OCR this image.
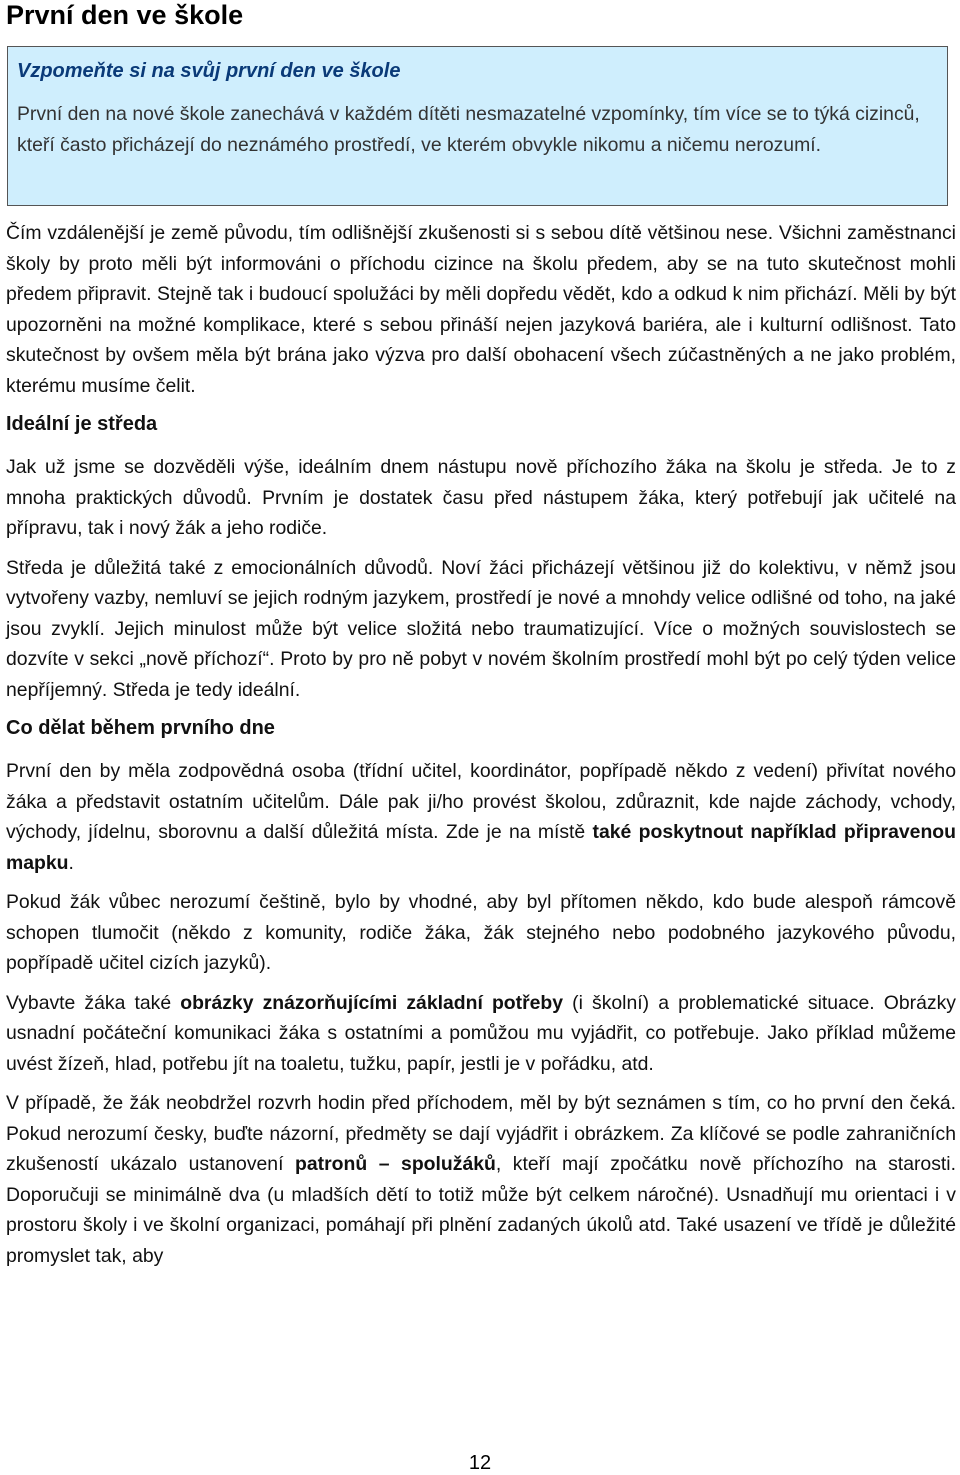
První den ve škole
Vzpomeňte si na svůj první den ve škole
První den na nové škole zanechává v každém dítěti nesmazatelné vzpomínky, tím více se to týká cizinců, kteří často přicházejí do neznámého prostředí, ve kterém obvykle nikomu a ničemu nerozumí.

Čím vzdálenější je země původu, tím odlišnější zkušenosti si s sebou dítě většinou nese. Všichni zaměstnanci školy by proto měli být informováni o příchodu cizince na školu předem, aby se na tuto skutečnost mohli předem připravit. Stejně tak i budoucí spolužáci by měli dopředu vědět, kdo a odkud k nim přichází. Měli by být upozorněni na možné komplikace, které s sebou přináší nejen jazyková bariéra, ale i kulturní odlišnost. Tato skutečnost by ovšem měla být brána jako výzva pro další obohacení všech zúčastněných a ne jako problém, kterému musíme čelit.

Ideální je středa

Jak už jsme se dozvěděli výše, ideálním dnem nástupu nově příchozího žáka na školu je středa. Je to z mnoha praktických důvodů. Prvním je dostatek času před nástupem žáka, který potřebují jak učitelé na přípravu, tak i nový žák a jeho rodiče.

Středa je důležitá také z emocionálních důvodů. Noví žáci přicházejí většinou již do kolektivu, v němž jsou vytvořeny vazby, nemluví se jejich rodným jazykem, prostředí je nové a mnohdy velice odlišné od toho, na jaké jsou zvyklí. Jejich minulost může být velice složitá nebo traumatizující. Více o možných souvislostech se dozvíte v sekci „nově příchozí“. Proto by pro ně pobyt v novém školním prostředí mohl být po celý týden velice nepříjemný. Středa je tedy ideální.

Co dělat během prvního dne

První den by měla zodpovědná osoba (třídní učitel, koordinátor, popřípadě někdo z vedení) přivítat nového žáka a představit ostatním učitelům. Dále pak ji/ho provést školou, zdůraznit, kde najde záchody, vchody, východy, jídelnu, sborovnu a další důležitá místa. Zde je na místě také poskytnout například připravenou mapku.

Pokud žák vůbec nerozumí češtině, bylo by vhodné, aby byl přítomen někdo, kdo bude alespoň rámcově schopen tlumočit (někdo z komunity, rodiče žáka, žák stejného nebo podobného jazykového původu, popřípadě učitel cizích jazyků).

Vybavte žáka také obrázky znázorňujícími základní potřeby (i školní) a problematické situace. Obrázky usnadní počáteční komunikaci žáka s ostatními a pomůžou mu vyjádřit, co potřebuje. Jako příklad můžeme uvést žízeň, hlad, potřebu jít na toaletu, tužku, papír, jestli je v pořádku, atd.

V případě, že žák neobdržel rozvrh hodin před příchodem, měl by být seznámen s tím, co ho první den čeká. Pokud nerozumí česky, buďte názorní, předměty se dají vyjádřit i obrázkem. Za klíčové se podle zahraničních zkušeností ukázalo ustanovení patronů – spolužáků, kteří mají zpočátku nově příchozího na starosti. Doporučuji se minimálně dva (u mladších dětí to totiž může být celkem náročné). Usnadňují mu orientaci i v prostoru školy i ve školní organizaci, pomáhají při plnění zadaných úkolů atd. Také usazení ve třídě je důležité promyslet tak, aby

12
